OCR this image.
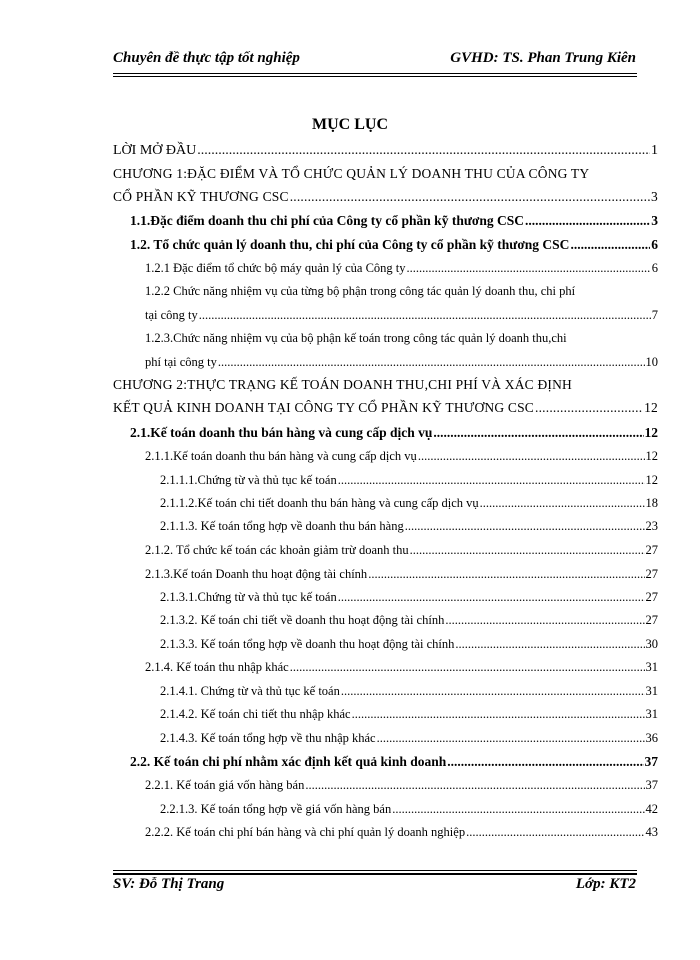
Chuyên đề thực tập tốt nghiệp	GVHD: TS. Phan Trung Kiên
MỤC LỤC
LỜI MỞ ĐẦU .....	1
CHƯƠNG 1:ĐẶC ĐIỂM VÀ TỔ CHỨC QUẢN LÝ DOANH THU CỦA CÔNG TY
CỔ PHẦN KỸ THƯƠNG CSC .....	3
1.1.Đặc điểm doanh thu chi phí của Công ty cổ phần kỹ thương CSC .....	3
1.2. Tổ chức quản lý doanh thu, chi phí của Công ty cổ phần kỹ thương CSC .....	6
1.2.1 Đặc điểm tổ chức bộ máy quản lý của Công ty .....	6
1.2.2 Chức năng nhiệm vụ của từng bộ phận trong công tác quản lý doanh thu, chi phí
tại công ty .....	7
1.2.3.Chức năng nhiệm vụ của bộ phận kế toán trong công tác quản lý doanh thu,chi
phí tại công ty .....	10
CHƯƠNG 2:THỰC TRẠNG KẾ TOÁN DOANH THU,CHI PHÍ VÀ XÁC ĐỊNH
KẾT QUẢ KINH DOANH TẠI CÔNG TY CỔ PHẦN KỸ THƯƠNG CSC .....	12
2.1.Kế toán doanh thu bán hàng và cung cấp dịch vụ .....	12
2.1.1.Kế toán doanh thu bán hàng và cung cấp dịch vụ .....	12
2.1.1.1.Chứng từ và thủ tục kế toán .....	12
2.1.1.2.Kế toán chi tiết doanh thu bán hàng và cung cấp dịch vụ .....	18
2.1.1.3. Kế toán tổng hợp về doanh thu bán hàng .....	23
2.1.2. Tổ chức kế toán các khoản giảm trừ doanh thu .....	27
2.1.3.Kế toán Doanh thu hoạt động tài chính .....	27
2.1.3.1.Chứng từ và thủ tục kế toán .....	27
2.1.3.2. Kế toán chi tiết về doanh thu hoạt động tài chính .....	27
2.1.3.3. Kế toán tổng hợp về doanh thu hoạt động tài chính .....	30
2.1.4. Kế toán thu nhập khác .....	31
2.1.4.1. Chứng từ và thủ tục kế toán .....	31
2.1.4.2. Kế toán chi tiết thu nhập khác .....	31
2.1.4.3. Kế toán tổng hợp về thu nhập khác .....	36
2.2. Kế toán chi phí nhằm xác định kết quả kinh doanh .....	37
2.2.1. Kế toán giá vốn hàng bán .....	37
2.2.1.3. Kế toán tổng hợp về giá vốn hàng bán .....	42
2.2.2. Kế toán chi phí bán hàng và chi phí quản lý doanh nghiệp .....	43
SV: Đỗ Thị Trang	Lớp: KT2
